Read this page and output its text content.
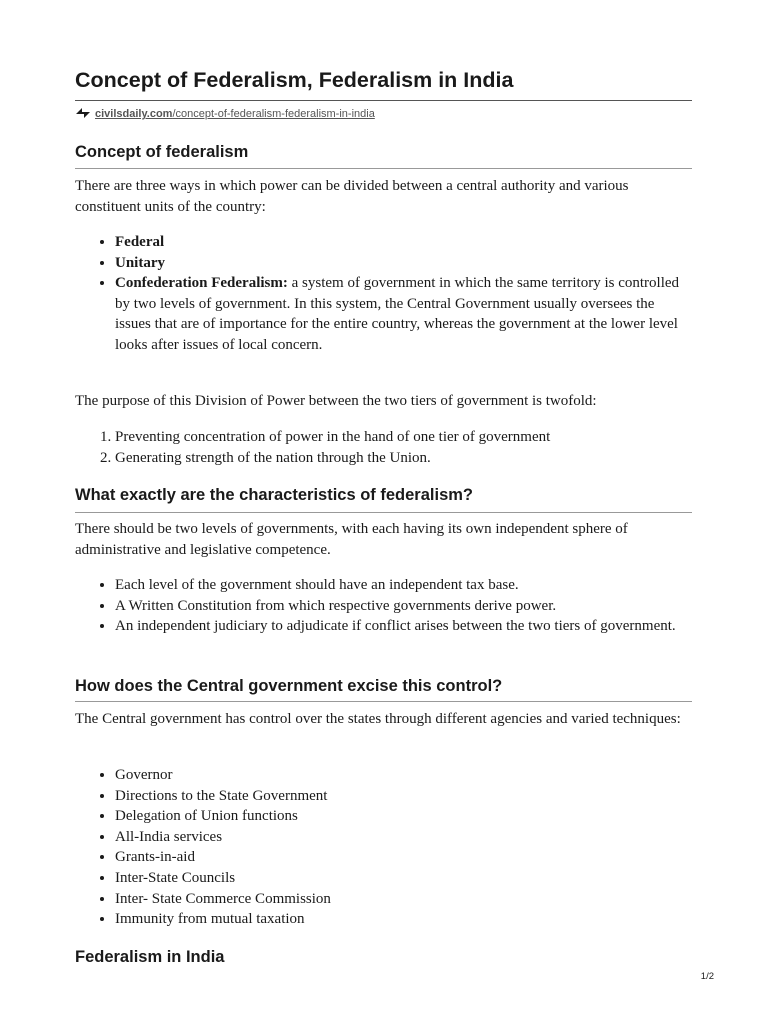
Concept of Federalism, Federalism in India
civilsdaily.com/concept-of-federalism-federalism-in-india
Concept of federalism

There are three ways in which power can be divided between a central authority and various constituent units of the country:

• Federal
• Unitary
• Confederation Federalism: a system of government in which the same territory is controlled by two levels of government. In this system, the Central Government usually oversees the issues that are of importance for the entire country, whereas the government at the lower level looks after issues of local concern.

The purpose of this Division of Power between the two tiers of government is twofold:

1. Preventing concentration of power in the hand of one tier of government
2. Generating strength of the nation through the Union.
What exactly are the characteristics of federalism?

There should be two levels of governments, with each having its own independent sphere of administrative and legislative competence.

• Each level of the government should have an independent tax base.
• A Written Constitution from which respective governments derive power.
• An independent judiciary to adjudicate if conflict arises between the two tiers of government.
How does the Central government excise this control?

The Central government has control over the states through different agencies and varied techniques:

• Governor
• Directions to the State Government
• Delegation of Union functions
• All-India services
• Grants-in-aid
• Inter-State Councils
• Inter- State Commerce Commission
• Immunity from mutual taxation
Federalism in India
1/2
